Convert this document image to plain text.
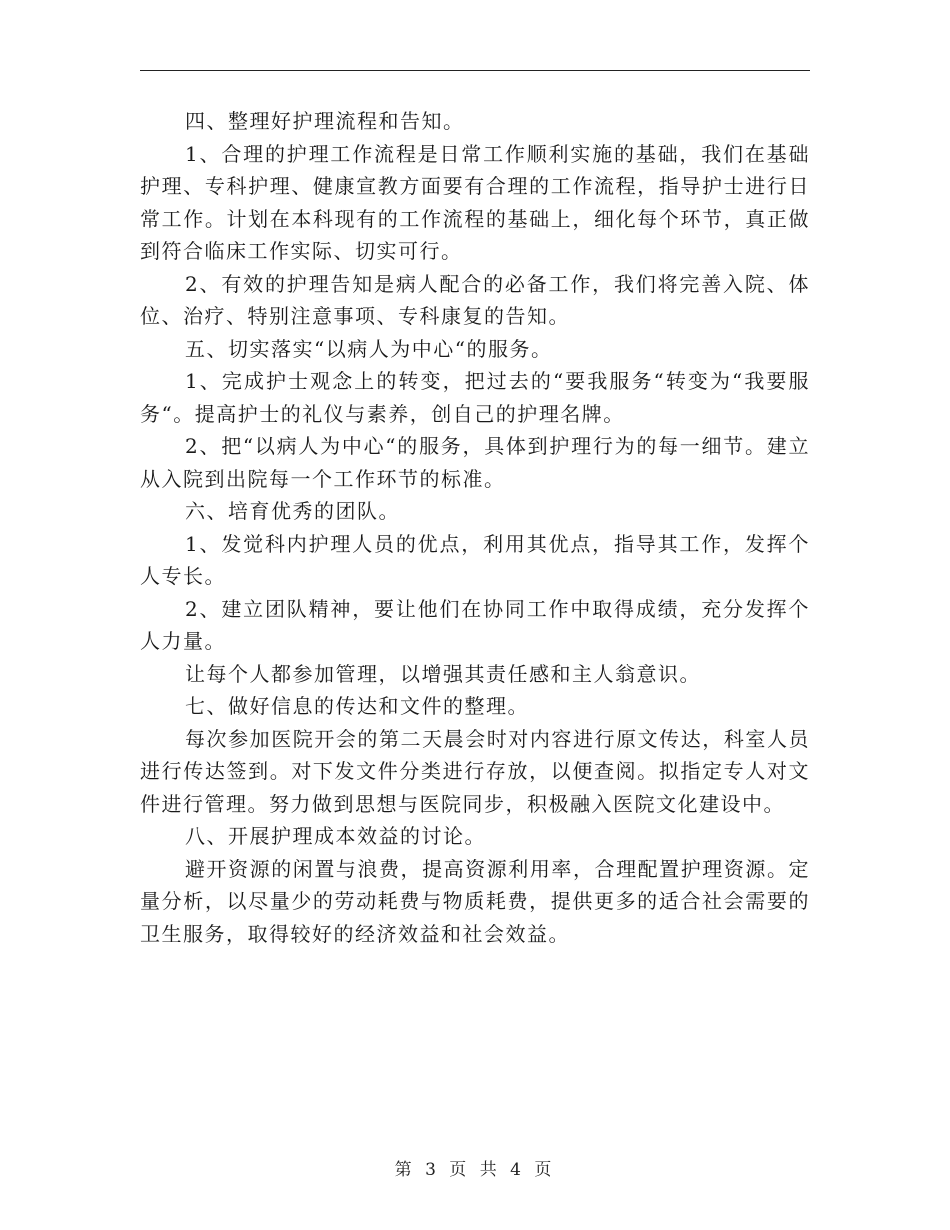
四、整理好护理流程和告知。

1、合理的护理工作流程是日常工作顺利实施的基础，我们在基础护理、专科护理、健康宣教方面要有合理的工作流程，指导护士进行日常工作。计划在本科现有的工作流程的基础上，细化每个环节，真正做到符合临床工作实际、切实可行。

2、有效的护理告知是病人配合的必备工作，我们将完善入院、体位、治疗、特别注意事项、专科康复的告知。

五、切实落实“以病人为中心“的服务。

1、完成护士观念上的转变，把过去的“要我服务“转变为“我要服务“。提高护士的礼仪与素养，创自己的护理名牌。

2、把“以病人为中心“的服务，具体到护理行为的每一细节。建立从入院到出院每一个工作环节的标准。

六、培育优秀的团队。

1、发觉科内护理人员的优点，利用其优点，指导其工作，发挥个人专长。

2、建立团队精神，要让他们在协同工作中取得成绩，充分发挥个人力量。

让每个人都参加管理，以增强其责任感和主人翁意识。

七、做好信息的传达和文件的整理。

每次参加医院开会的第二天晨会时对内容进行原文传达，科室人员进行传达签到。对下发文件分类进行存放，以便查阅。拟指定专人对文件进行管理。努力做到思想与医院同步，积极融入医院文化建设中。

八、开展护理成本效益的讨论。

避开资源的闲置与浪费，提高资源利用率，合理配置护理资源。定量分析，以尽量少的劳动耗费与物质耗费，提供更多的适合社会需要的卫生服务，取得较好的经济效益和社会效益。

第 3 页 共 4 页
